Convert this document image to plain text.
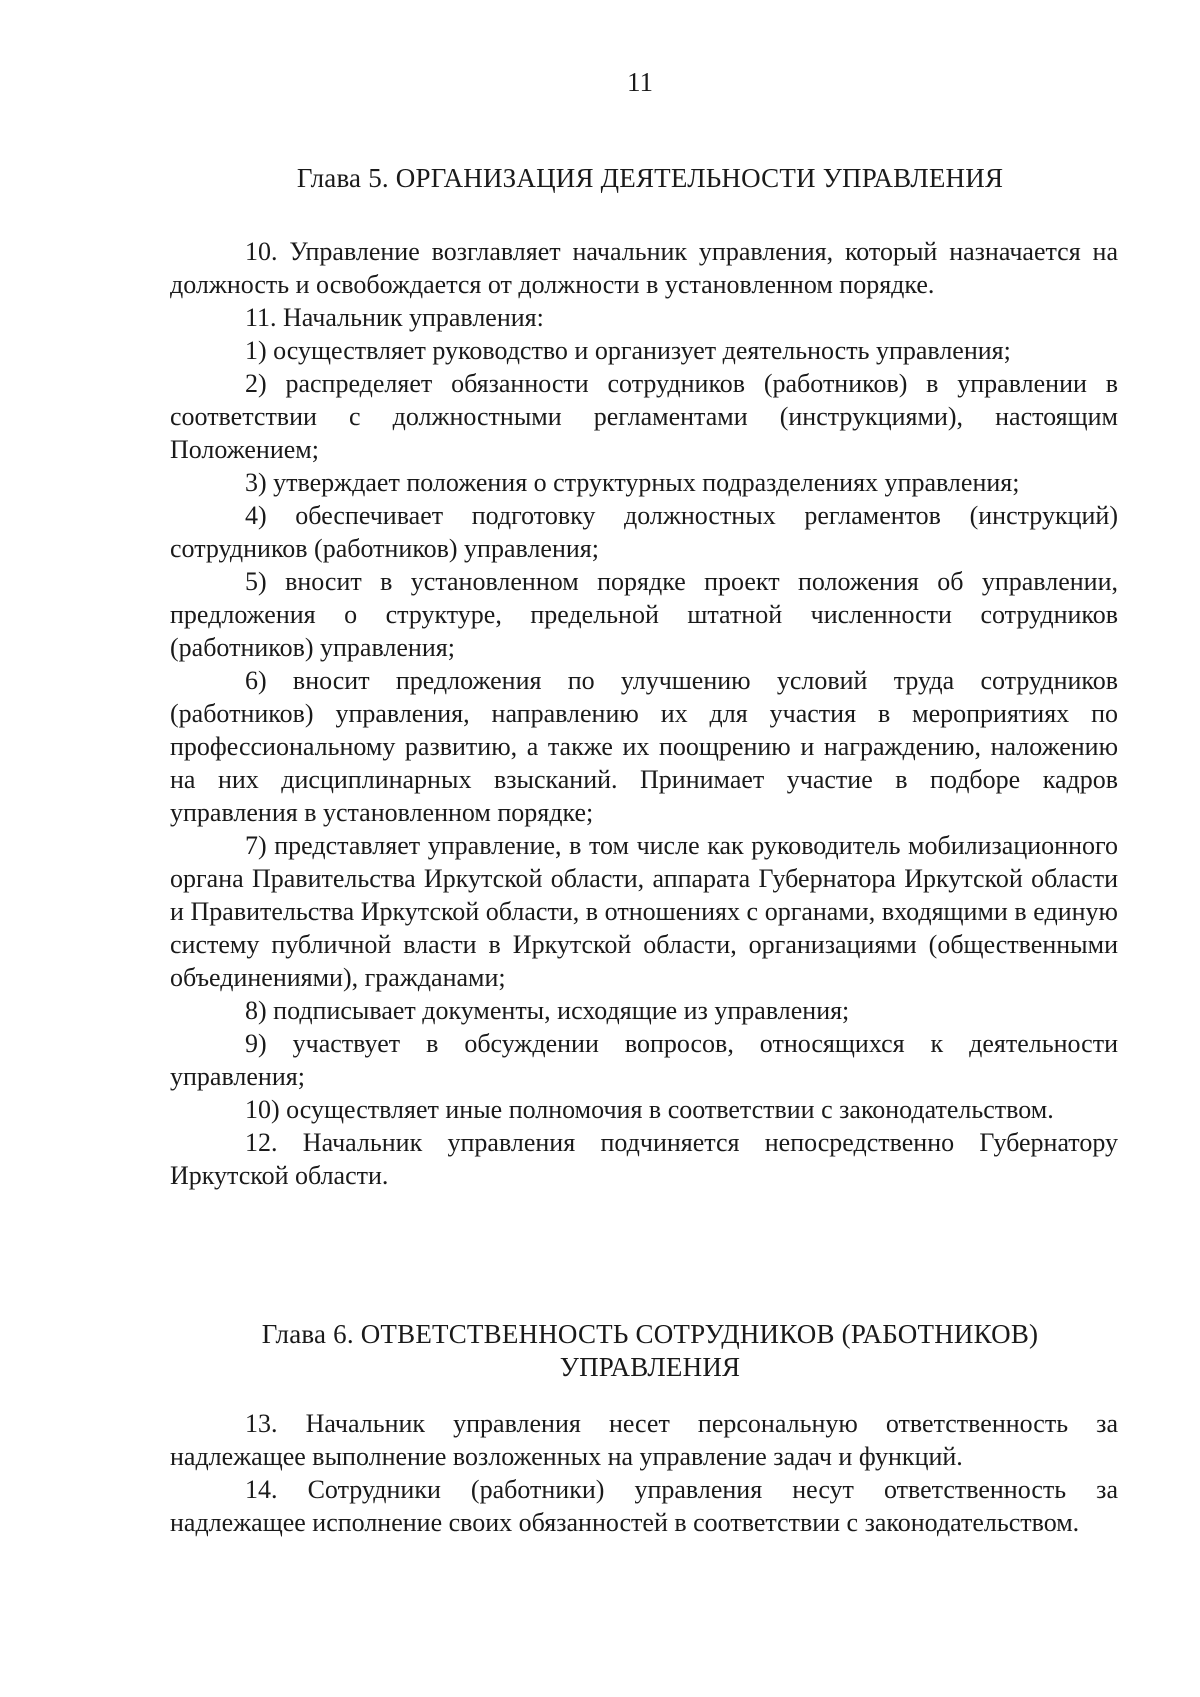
11
Глава 5. ОРГАНИЗАЦИЯ ДЕЯТЕЛЬНОСТИ УПРАВЛЕНИЯ

10. Управление возглавляет начальник управления, который назначается на должность и освобождается от должности в установленном порядке.

11. Начальник управления:

1) осуществляет руководство и организует деятельность управления;

2) распределяет обязанности сотрудников (работников) в управлении в соответствии с должностными регламентами (инструкциями), настоящим Положением;

3) утверждает положения о структурных подразделениях управления;

4) обеспечивает подготовку должностных регламентов (инструкций) сотрудников (работников) управления;

5) вносит в установленном порядке проект положения об управлении, предложения о структуре, предельной штатной численности сотрудников (работников) управления;

6) вносит предложения по улучшению условий труда сотрудников (работников) управления, направлению их для участия в мероприятиях по профессиональному развитию, а также их поощрению и награждению, наложению на них дисциплинарных взысканий. Принимает участие в подборе кадров управления в установленном порядке;

7) представляет управление, в том числе как руководитель мобилизационного органа Правительства Иркутской области, аппарата Губернатора Иркутской области и Правительства Иркутской области, в отношениях с органами, входящими в единую систему публичной власти в Иркутской области, организациями (общественными объединениями), гражданами;

8) подписывает документы, исходящие из управления;

9) участвует в обсуждении вопросов, относящихся к деятельности управления;

10) осуществляет иные полномочия в соответствии с законодательством.

12. Начальник управления подчиняется непосредственно Губернатору Иркутской области.

Глава 6. ОТВЕТСТВЕННОСТЬ СОТРУДНИКОВ (РАБОТНИКОВ)
УПРАВЛЕНИЯ

13. Начальник управления несет персональную ответственность за надлежащее выполнение возложенных на управление задач и функций.

14. Сотрудники (работники) управления несут ответственность за надлежащее исполнение своих обязанностей в соответствии с законодательством.
